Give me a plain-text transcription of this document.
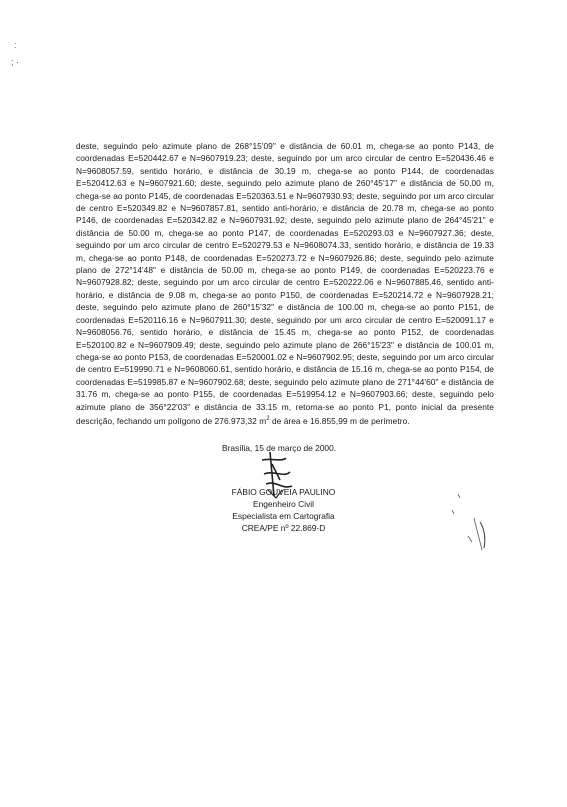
:
; ·

deste, seguindo pelo azimute plano de 268°15'09" e distância de 60.01 m, chega-se ao ponto P143, de coordenadas E=520442.67 e N=9607919.23; deste, seguindo por um arco circular de centro E=520436.46 e N=9608057.59, sentido horário, e distância de 30.19 m, chega-se ao ponto P144, de coordenadas E=520412.63 e N=9607921.60; deste, seguindo pelo azimute plano de 260°45'17" e distância de 50.00 m, chega-se ao ponto P145, de coordenadas E=520363.51 e N=9607930.93; deste, seguindo por um arco circular de centro E=520349.82 e N=9607857.81, sentido anti-horário, e distância de 20.78 m, chega-se ao ponto P146, de coordenadas E=520342.82 e N=9607931.92; deste, seguindo pelo azimute plano de 264°45'21" e distância de 50.00 m, chega-se ao ponto P147, de coordenadas E=520293.03 e N=9607927.36; deste, seguindo por um arco circular de centro E=520279.53 e N=9608074.33, sentido horário, e distância de 19.33 m, chega-se ao ponto P148, de coordenadas E=520273.72 e N=9607926.86; deste, seguindo pelo azimute plano de 272°14'48" e distância de 50.00 m, chega-se ao ponto P149, de coordenadas E=520223.76 e N=9607928.82; deste, seguindo por um arco circular de centro E=520222.06 e N=9607885.46, sentido anti-horário, e distância de 9.08 m, chega-se ao ponto P150, de coordenadas E=520214.72 e N=9607928.21; deste, seguindo pelo azimute plano de 260°15'32" e distância de 100.00 m, chega-se ao ponto P151, de coordenadas E=520116.16 e N=9607911.30; deste, seguindo por um arco circular de centro E=520091.17 e N=9608056.76, sentido horário, e distância de 15.45 m, chega-se ao ponto P152, de coordenadas E=520100.82 e N=9607909.49; deste, seguindo pelo azimute plano de 266°15'23" e distância de 100.01 m, chega-se ao ponto P153, de coordenadas E=520001.02 e N=9607902.95; deste, seguindo por um arco circular de centro E=519990.71 e N=9608060.61, sentido horário, e distância de 15.16 m, chega-se ao ponto P154, de coordenadas E=519985.87 e N=9607902.68; deste, seguindo pelo azimute plano de 271°44'60" e distância de 31.76 m, chega-se ao ponto P155, de coordenadas E=519954.12 e N=9607903.66; deste, seguindo pelo azimute plano de 356°22'03" e distância de 33.15 m, retorna-se ao ponto P1, ponto inicial da presente descrição, fechando um polígono de 276.973,32 $m^2$ de área e 16.855,99 m de perímetro.

Brasília, 15 de março de 2000.
FÁBIO GOUVEIA PAULINO
Engenheiro Civil
Especialista em Cartografia
CREA/PE nº 22.869-D
